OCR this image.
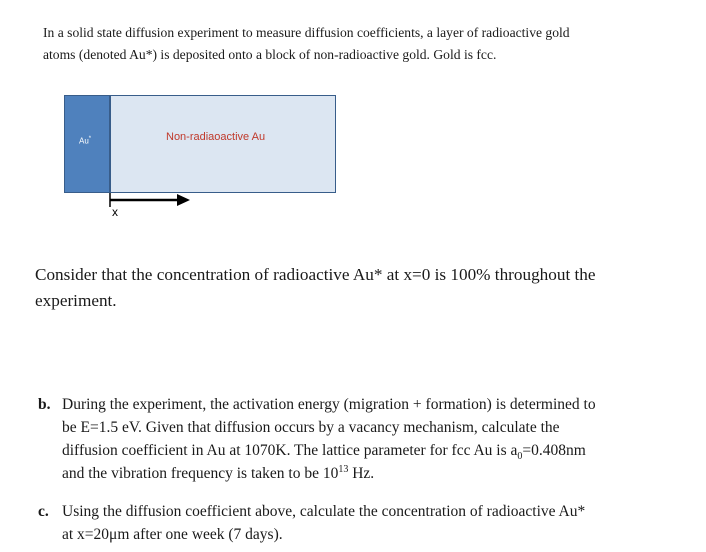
In a solid state diffusion experiment to measure diffusion coefficients, a layer of radioactive gold
atoms (denoted Au*) is deposited onto a block of non-radioactive gold. Gold is fcc.
Au*	Non-radiaoactive Au
x
Consider that the concentration of radioactive Au* at x=0 is 100% throughout the
experiment.
b. During the experiment, the activation energy (migration + formation) is determined to
be E=1.5 eV. Given that diffusion occurs by a vacancy mechanism, calculate the
diffusion coefficient in Au at 1070K. The lattice parameter for fcc Au is $a_0=0.408nm$
and the vibration frequency is taken to be $10^{13}$ Hz.
c. Using the diffusion coefficient above, calculate the concentration of radioactive Au*
at x=20μm after one week (7 days).
